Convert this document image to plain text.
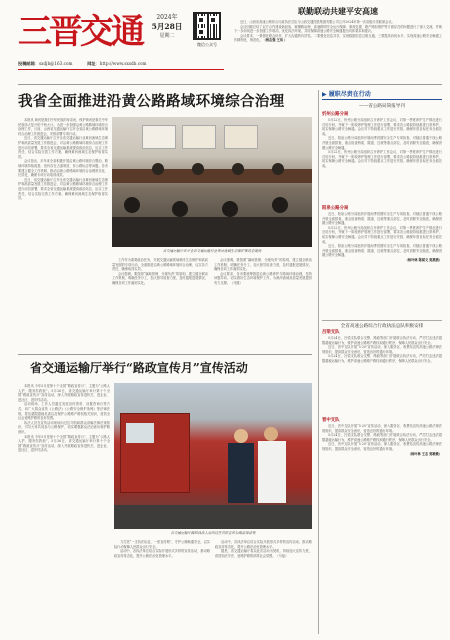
三晋交通	2024年
5月28日
星期二
微信公众号
投稿邮箱：sxdjb@163.com	网址：http://www.sxsdb.com
联勤联动共建平安高速

近日，山西省高速公路综合行政执法总队与山西交通控股集团有限公司召开2024年第一次省级分类联席会议。

会议回顾总结了双方合作建设新经验，就横路治理、高速路网安全运行保障、事故处置、路产路权维护等方面存在的问题进行了深入交流，并就下一步如何进一步加强工作联动，优化执法环境，共同保障高速公路安全畅通提出具体要求和建议。

会议要求，一要强化联合协作，扩大沟通的有效性。二要强化信息共享，实现数据信息互联互通。三要提高协同水平，实现高速公路安全畅通工作精细化、规范化。（杨志强 王凤 ）

我省全面推进沿黄公路路域环境综合治理

本报讯 黄河是我们中华民族的母亲河，保护黄河是事关中华民族伟大复兴的千秋大计。为进一步加强沿黄公路路域环境综合治理工作，日前，山西省交通运输厅召开全省沿黄公路路域环境综合治理工作推进会，安排部署专项行动。

近日，省交通运输厅召开全省交通运输行业黄河流域生态保护和高质量发展工作推进会，对沿黄公路路域环境综合治理工作进行动员部署，要求全省交通运输系统提高政治站位，压实工作责任，结合实际完善工作方案，确保黄河流域生态保护取得实效。

会议指出，多年来全省积极开展沿黄公路环境综合整治，路域环境持续改善，但仍存在占道堆放、非公路标志等问题。各市要建立健全工作机制，推动沿黄公路路域环境综合治理常态化、长效化，确保专项行动取得成效。

近日，省交通运输厅召开全省交通运输行业黄河流域生态保护和高质量发展工作推进会，对沿黄公路路域环境综合治理工作进行动员部署，要求全省交通运输系统提高政治站位，压实工作责任，结合实际完善工作方案，确保黄河流域生态保护取得实效。

省交通运输厅召开全省交通运输行业黄河流域生态保护推进会现场

工作作为重要政治任务，开展交通运输领域黄河生态保护和高质量发展的专项行动，全面推进沿黄公路路域环境综合治理，压实各方责任，确保取得实效。

会议强调，要按照“属地管理、分级负责”的原则，建立健全联动工作机制，明确任务分工，加大督导检查力度，及时通报进展情况，确保各项工作落到实处。

会议强调，要按照“属地管理、分级负责”的原则，建立健全联动工作机制，明确任务分工，加大督导检查力度，及时通报进展情况，确保各项工作落到实处。

会议要求，各市要统筹推进沿黄公路养护与路域环境治理，坚持问题导向，切实做好生态环境保护工作，为黄河流域高质量发展提供有力支撑。（马健）

省交通运输厅举行“路政宣传月”宣传活动

本报讯 今年5月是第十个全国“路政宣传月”，主题为“公路人人护，服务你我他”。5月26日，省交通运输厅举行第十个全国“路政宣传月”宣传活动，深入开展路政宣传进机关、进企业、进社区、进乡村活动。

活动现场，工作人员通过发放宣传资料、设置咨询台等方式，向广大群众宣传《公路法》《公路安全保护条例》等法律法规，普及超限超载危害以及保护公路路产路权相关知识，营造全社会爱路护路的良好氛围。

执法人员在宣传活动现场向过往司机和群众讲解法律法规知识，引导大家共同参与公路保护，切实增强群众法治意识和护路意识。

本报讯 今年5月是第十个全国“路政宣传月”，主题为“公路人人护，服务你我他”。5月26日，省交通运输厅举行第十个全国“路政宣传月”宣传活动，深入开展路政宣传进机关、进企业、进社区、进乡村活动。

省交通运输厅路政执法人员向过往司机宣传公路法律法规

力打造“一支执法队伍，一张宣传网”，守护公路畅通安全，以实际行动保障人民群众出行安全。

活动中，各执法单位结合实际开展形式多样的宣传活动，推动路政宣传常态化，提升公路法治化管理水平。

活动中，各执法单位结合实际开展形式多样的宣传活动，推动路政宣传常态化，提升公路法治化管理水平。

据悉，省交通运输厅将以此次活动为契机，持续加大宣传力度，营造知法守法、爱路护路的浓厚社会氛围。（马瑶）

▶ 履职尽责在行动
——省公路局简报导刊
忻州公路分局

5月22日，忻州公路分局组织召开养护工作会议，对第一季度养护生产情况进行总结分析，并就下一阶段养护管理工作进行部署，要求各公路段持续推进日常养护，切实保障公路安全畅通。会议对下阶段重点工作进行安排，确保年度目标任务全面完成。

近日，阳泉公路分局组织开展雨季汛期安全生产专项检查，对辖区普通干线公路开展全面排查，重点检查桥梁、隧道、边坡等重点部位，及时消除安全隐患，确保汛期公路安全畅通。

5月22日，忻州公路分局组织召开养护工作会议，对第一季度养护生产情况进行总结分析，并就下一阶段养护管理工作进行部署，要求各公路段持续推进日常养护，切实保障公路安全畅通。会议对下阶段重点工作进行安排，确保年度目标任务全面完成。

阳泉公路分局

近日，阳泉公路分局组织开展雨季汛期安全生产专项检查，对辖区普通干线公路开展全面排查，重点检查桥梁、隧道、边坡等重点部位，及时消除安全隐患，确保汛期公路安全畅通。

5月22日，忻州公路分局组织召开养护工作会议，对第一季度养护生产情况进行总结分析，并就下一阶段养护管理工作进行部署，要求各公路段持续推进日常养护，切实保障公路安全畅通。会议对下阶段重点工作进行安排，确保年度目标任务全面完成。

近日，阳泉公路分局组织开展雨季汛期安全生产专项检查，对辖区普通干线公路开展全面排查，重点检查桥梁、隧道、边坡等重点部位，及时消除安全隐患，确保汛期公路安全畅通。

（杨叶林 陈斌文 郭燕燕）

全省高速公路综合行政执法总队积极安排
吕梁支队

5月24日，吕梁支队联合交警、路政等部门开展联合执法行动，严厉打击违法超限超载运输行为，维护高速公路路产路权和通行秩序，保障人民群众出行安全。

近日，晋中支队开展“5·20”宣传活动，深入服务区、收费站宣传高速公路法律法规知识，提高群众安全意识，营造良好的通行环境。

5月24日，吕梁支队联合交警、路政等部门开展联合执法行动，严厉打击违法超限超载运输行为，维护高速公路路产路权和通行秩序，保障人民群众出行安全。

晋中支队

近日，晋中支队开展“5·20”宣传活动，深入服务区、收费站宣传高速公路法律法规知识，提高群众安全意识，营造良好的通行环境。

5月24日，吕梁支队联合交警、路政等部门开展联合执法行动，严厉打击违法超限超载运输行为，维护高速公路路产路权和通行秩序，保障人民群众出行安全。

近日，晋中支队开展“5·20”宣传活动，深入服务区、收费站宣传高速公路法律法规知识，提高群众安全意识，营造良好的通行环境。

（杨叶林 王志 郭敏敏）
